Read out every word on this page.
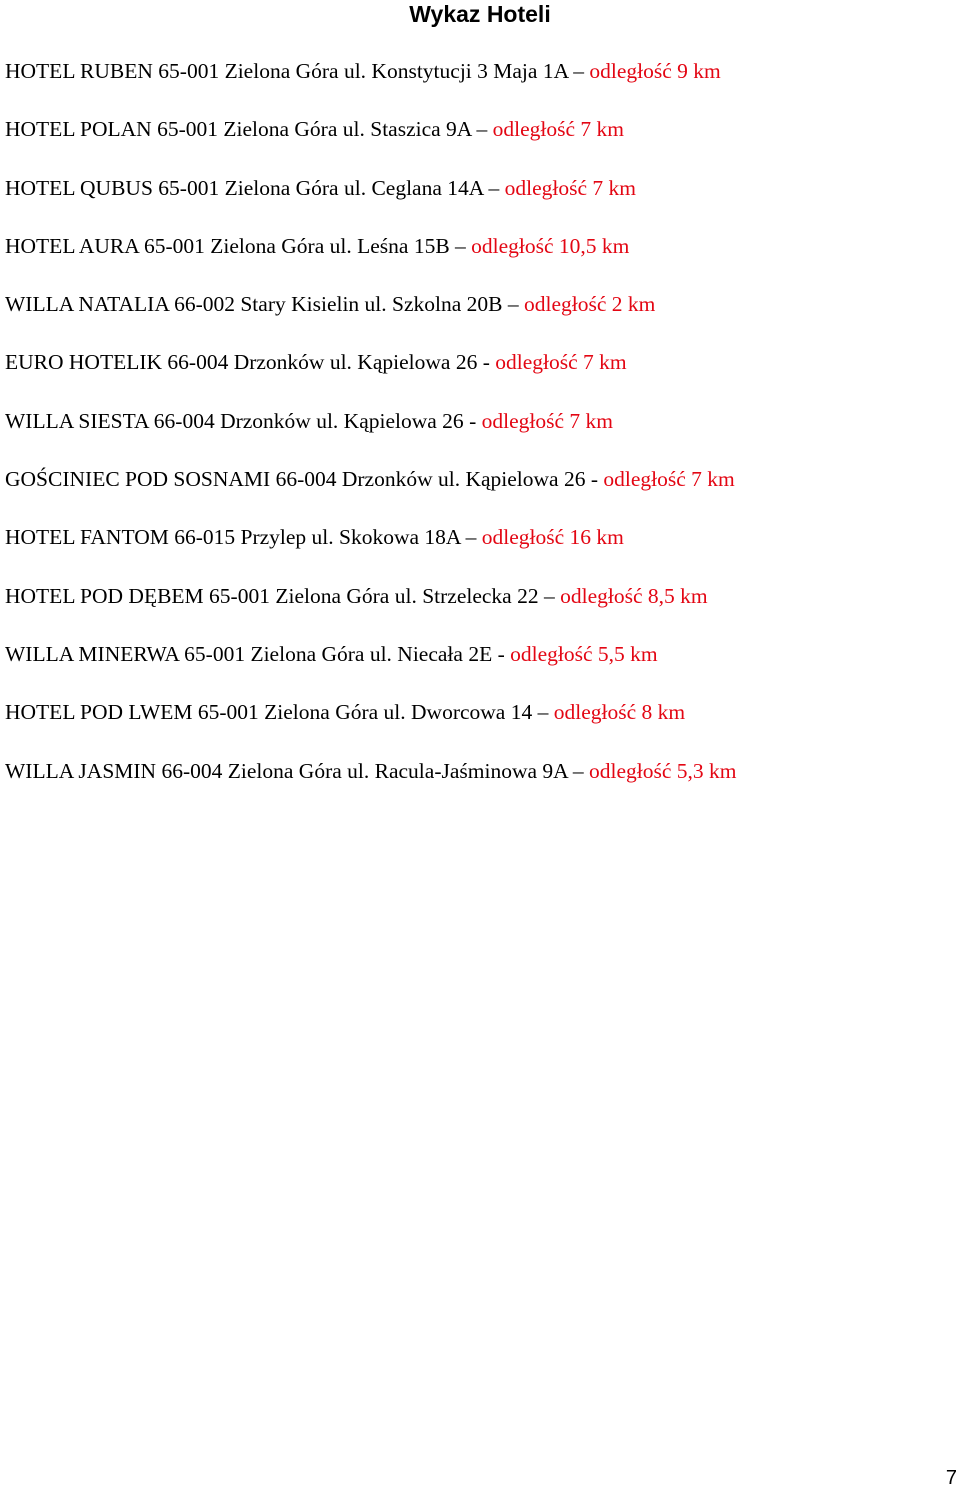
Wykaz Hoteli
HOTEL RUBEN 65-001 Zielona Góra ul. Konstytucji 3 Maja 1A – odległość 9 km
HOTEL POLAN 65-001 Zielona Góra ul. Staszica 9A – odległość 7 km
HOTEL QUBUS 65-001 Zielona Góra ul. Ceglana 14A – odległość 7 km
HOTEL AURA 65-001 Zielona Góra ul. Leśna 15B – odległość 10,5 km
WILLA NATALIA 66-002 Stary Kisielin ul. Szkolna 20B – odległość 2 km
EURO HOTELIK 66-004 Drzonków ul. Kąpielowa 26 - odległość 7 km
WILLA SIESTA 66-004 Drzonków ul. Kąpielowa 26 - odległość 7 km
GOŚCINIEC POD SOSNAMI 66-004 Drzonków ul. Kąpielowa 26 - odległość 7 km
HOTEL FANTOM 66-015 Przylep ul. Skokowa 18A – odległość 16 km
HOTEL POD DĘBEM 65-001 Zielona Góra ul. Strzelecka 22 – odległość 8,5 km
WILLA MINERWA 65-001 Zielona Góra ul. Niecała 2E - odległość 5,5 km
HOTEL POD LWEM 65-001 Zielona Góra ul. Dworcowa 14 – odległość 8 km
WILLA JASMIN 66-004 Zielona Góra ul. Racula-Jaśminowa 9A – odległość 5,3 km
7
